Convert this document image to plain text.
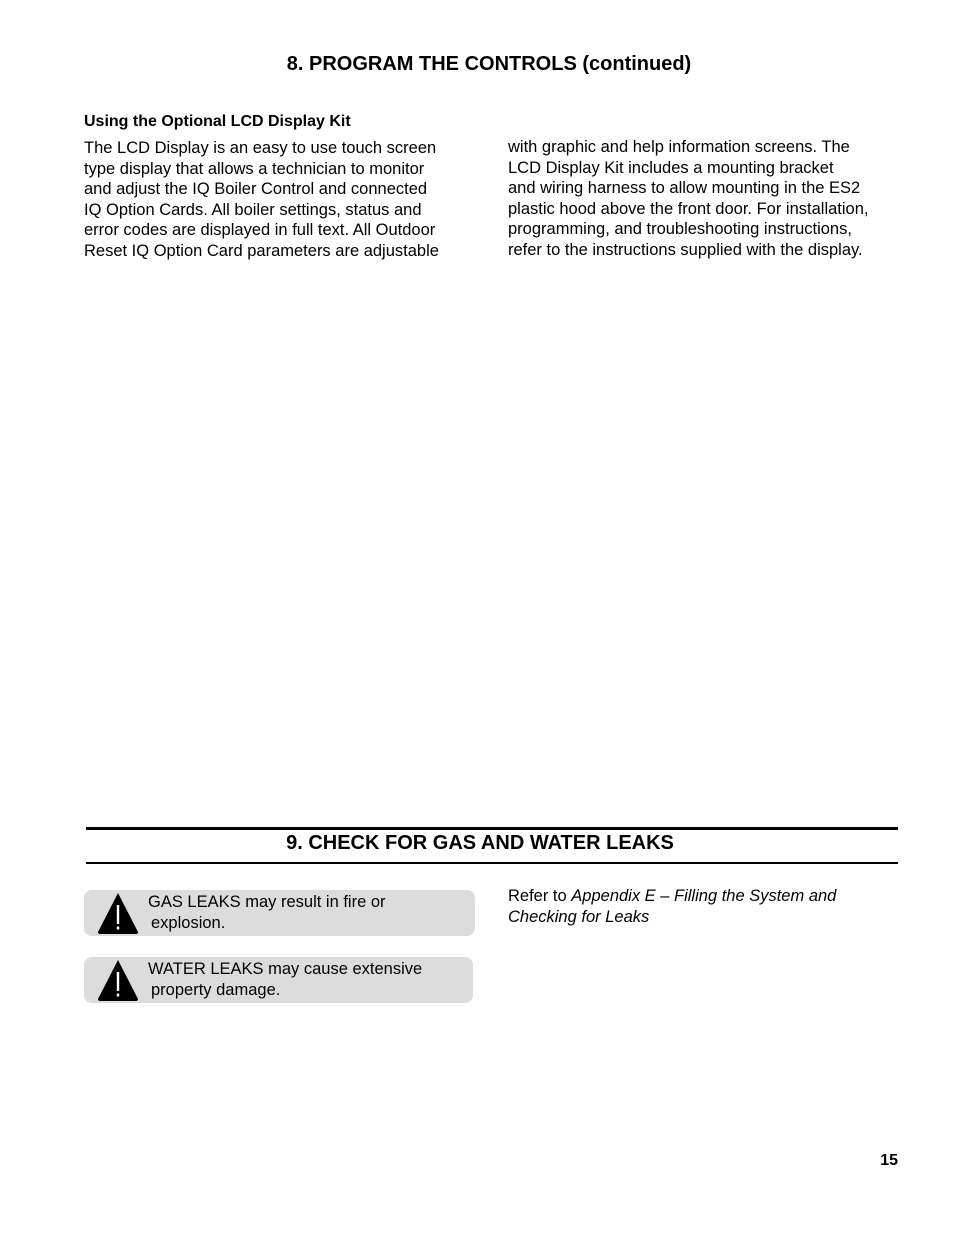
8. PROGRAM THE CONTROLS (continued)
Using the Optional LCD Display Kit
The LCD Display is an easy to use touch screen
type display that allows a technician to monitor
and adjust the IQ Boiler Control and connected
IQ Option Cards. All boiler settings, status and
error codes are displayed in full text. All Outdoor
Reset IQ Option Card parameters are adjustable
with graphic and help information screens. The
LCD Display Kit includes a mounting bracket
and wiring harness to allow mounting in the ES2
plastic hood above the front door. For installation,
programming, and troubleshooting instructions,
refer to the instructions supplied with the display.
9. CHECK FOR GAS AND WATER LEAKS
GAS LEAKS may result in fire or
explosion.
WATER LEAKS may cause extensive
property damage.
Refer to Appendix E – Filling the System and
Checking for Leaks
15
